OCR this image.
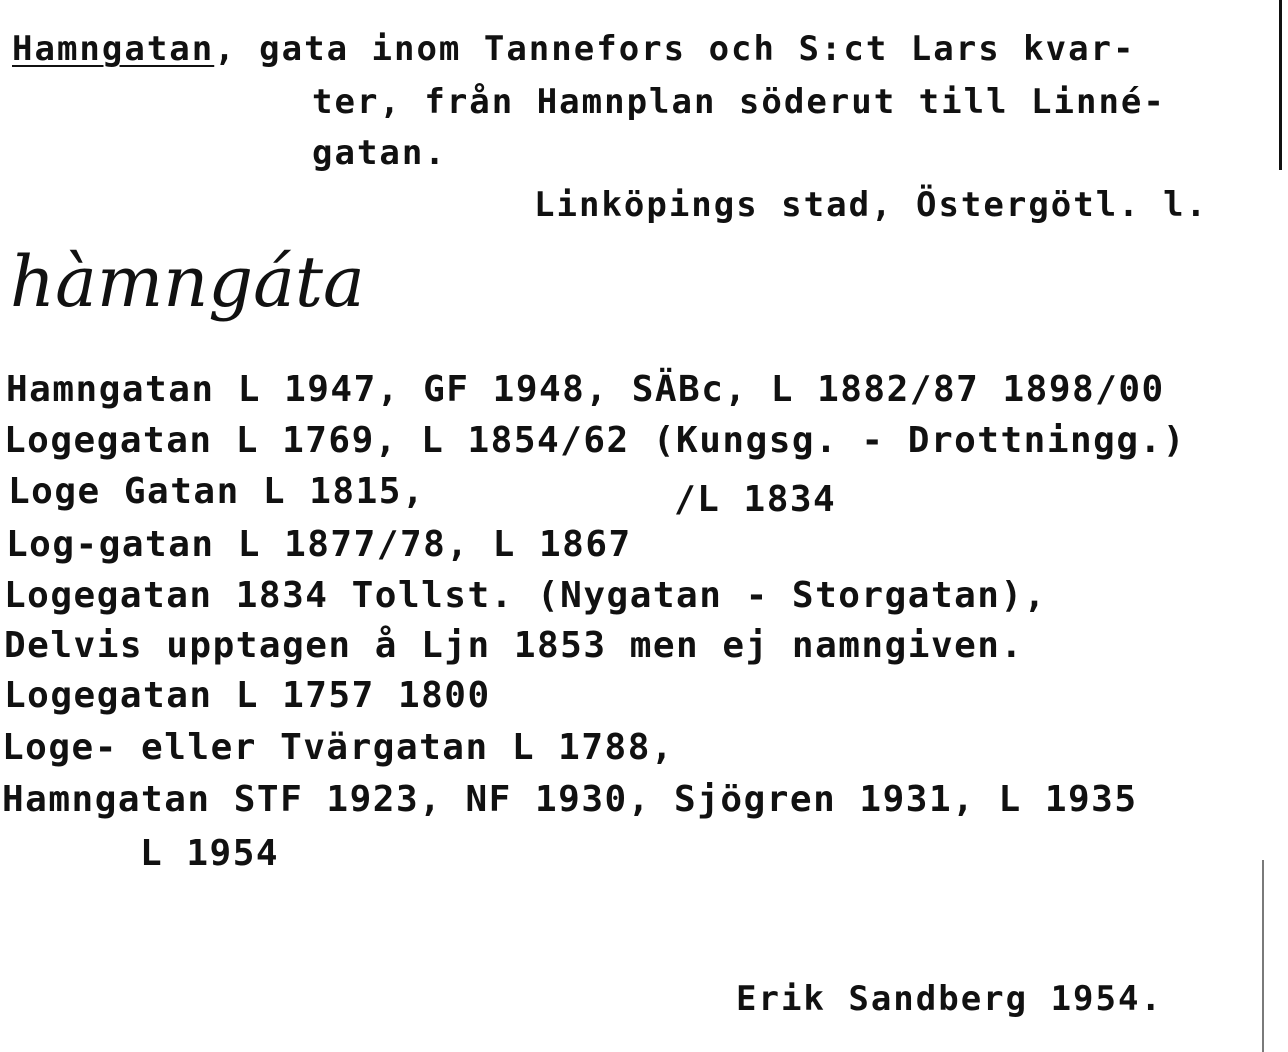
Hamngatan, gata inom Tannefors och S:ct Lars kvar-
ter, från Hamnplan söderut till Linné-
gatan.
Linköpings stad, Östergötl. l.
hàmngáta
Hamngatan L 1947, GF 1948, SÄBc, L 1882/87 1898/00
Logegatan L 1769, L 1854/62 (Kungsg. - Drottningg.)
Loge Gatan L 1815,	/L 1834
Log-gatan L 1877/78, L 1867
Logegatan 1834 Tollst. (Nygatan - Storgatan),
Delvis upptagen å Ljn 1853 men ej namngiven.
Logegatan L 1757 1800
Loge- eller Tvärgatan L 1788,
Hamngatan STF 1923, NF 1930, Sjögren 1931, L 1935
L 1954
Erik Sandberg 1954.
